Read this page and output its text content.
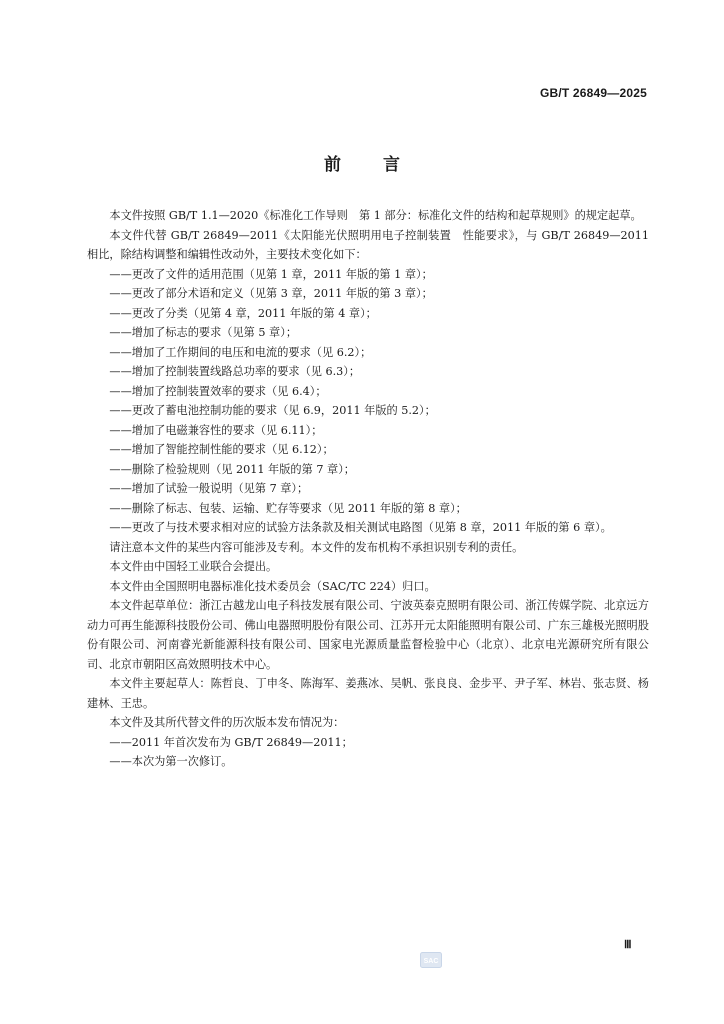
GB/T 26849—2025
前 言

本文件按照 GB/T 1.1—2020《标准化工作导则　第 1 部分：标准化文件的结构和起草规则》的规定起草。

本文件代替 GB/T 26849—2011《太阳能光伏照明用电子控制装置　性能要求》，与 GB/T 26849—2011 相比，除结构调整和编辑性改动外，主要技术变化如下：

——更改了文件的适用范围（见第 1 章，2011 年版的第 1 章）；

——更改了部分术语和定义（见第 3 章，2011 年版的第 3 章）；

——更改了分类（见第 4 章，2011 年版的第 4 章）；

——增加了标志的要求（见第 5 章）；

——增加了工作期间的电压和电流的要求（见 6.2）；

——增加了控制装置线路总功率的要求（见 6.3）；

——增加了控制装置效率的要求（见 6.4）；

——更改了蓄电池控制功能的要求（见 6.9，2011 年版的 5.2）；

——增加了电磁兼容性的要求（见 6.11）；

——增加了智能控制性能的要求（见 6.12）；

——删除了检验规则（见 2011 年版的第 7 章）；

——增加了试验一般说明（见第 7 章）；

——删除了标志、包装、运输、贮存等要求（见 2011 年版的第 8 章）；

——更改了与技术要求相对应的试验方法条款及相关测试电路图（见第 8 章，2011 年版的第 6 章）。

请注意本文件的某些内容可能涉及专利。本文件的发布机构不承担识别专利的责任。

本文件由中国轻工业联合会提出。

本文件由全国照明电器标准化技术委员会（SAC/TC 224）归口。

本文件起草单位：浙江古越龙山电子科技发展有限公司、宁波英泰克照明有限公司、浙江传媒学院、北京远方动力可再生能源科技股份公司、佛山电器照明股份有限公司、江苏开元太阳能照明有限公司、广东三雄极光照明股份有限公司、河南睿光新能源科技有限公司、国家电光源质量监督检验中心（北京）、北京电光源研究所有限公司、北京市朝阳区高效照明技术中心。

本文件主要起草人：陈哲良、丁申冬、陈海军、姜燕冰、吴帆、张良良、金步平、尹子军、林岩、张志贤、杨建林、王忠。

本文件及其所代替文件的历次版本发布情况为：

——2011 年首次发布为 GB/T 26849—2011；

——本次为第一次修订。

Ⅲ
SAC
